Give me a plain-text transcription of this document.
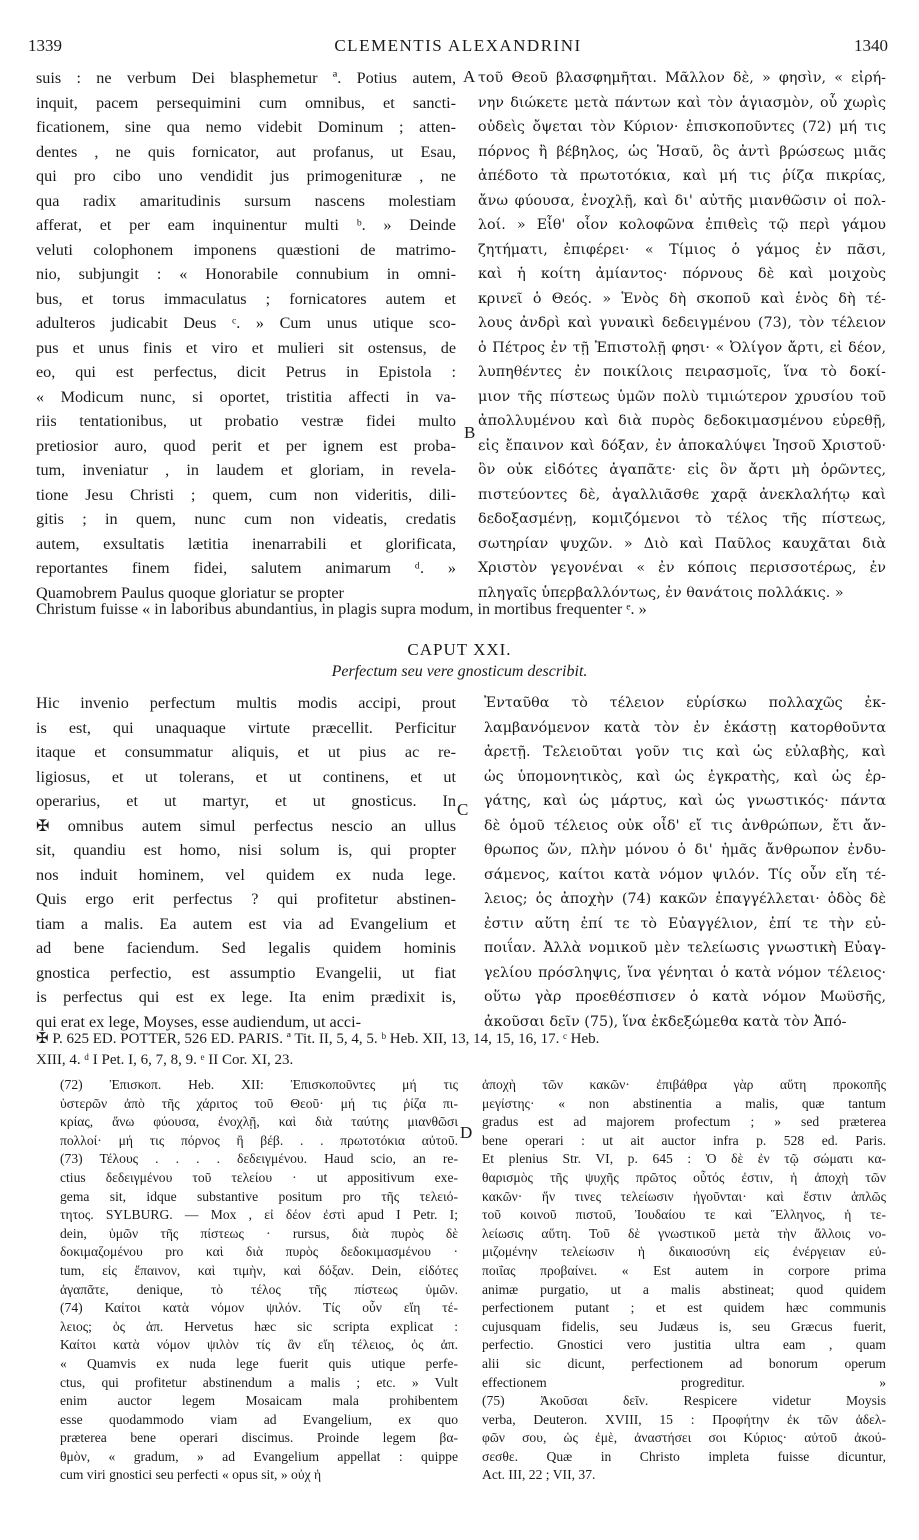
1339	CLEMENTIS ALEXANDRINI	1340
A
B
C
D
suis : ne verbum Dei blasphemetur ª. Potius autem,
inquit, pacem persequimini cum omnibus, et sancti-
ficationem, sine qua nemo videbit Dominum ; atten-
dentes , ne quis fornicator, aut profanus, ut Esau,
qui pro cibo uno vendidit jus primogenituræ , ne
qua radix amaritudinis sursum nascens molestiam
afferat, et per eam inquinentur multi ᵇ. » Deinde
veluti colophonem imponens quæstioni de matrimo-
nio, subjungit : « Honorabile connubium in omni-
bus, et torus immaculatus ; fornicatores autem et
adulteros judicabit Deus ᶜ. » Cum unus utique sco-
pus et unus finis et viro et mulieri sit ostensus, de
eo, qui est perfectus, dicit Petrus in Epistola :
« Modicum nunc, si oportet, tristitia affecti in va-
riis tentationibus, ut probatio vestræ fidei multo
pretiosior auro, quod perit et per ignem est proba-
tum, inveniatur , in laudem et gloriam, in revela-
tione Jesu Christi ; quem, cum non videritis, dili-
gitis ; in quem, nunc cum non videatis, credatis
autem, exsultatis lætitia inenarrabili et glorificata,
reportantes finem fidei, salutem animarum ᵈ. »
Quamobrem Paulus quoque gloriatur se propter
τοῦ Θεοῦ βλασφημῆται. Μᾶλλον δὲ, » φησὶν, « εἰρή-
νην διώκετε μετὰ πάντων καὶ τὸν ἁγιασμὸν, οὗ χωρὶς
οὐδεὶς ὄψεται τὸν Κύριον· ἐπισκοποῦντες (72) μή τις
πόρνος ἢ βέβηλος, ὡς Ἡσαῦ, ὃς ἀντὶ βρώσεως μιᾶς
ἀπέδοτο τὰ πρωτοτόκια, καὶ μή τις ῥίζα πικρίας,
ἄνω φύουσα, ἐνοχλῇ, καὶ δι' αὐτῆς μιανθῶσιν οἱ πολ-
λοί. » Εἶθ' οἷον κολοφῶνα ἐπιθεὶς τῷ περὶ γάμου
ζητήματι, ἐπιφέρει· « Τίμιος ὁ γάμος ἐν πᾶσι,
καὶ ἡ κοίτη ἀμίαντος· πόρνους δὲ καὶ μοιχοὺς
κρινεῖ ὁ Θεός. » Ἑνὸς δὴ σκοποῦ καὶ ἑνὸς δὴ τέ-
λους ἀνδρὶ καὶ γυναικὶ δεδειγμένου (73), τὸν τέλειον
ὁ Πέτρος ἐν τῇ Ἐπιστολῇ φησι· « Ὀλίγον ἄρτι, εἰ δέον,
λυπηθέντες ἐν ποικίλοις πειρασμοῖς, ἵνα τὸ δοκί-
μιον τῆς πίστεως ὑμῶν πολὺ τιμιώτερον χρυσίου τοῦ
ἀπολλυμένου καὶ διὰ πυρὸς δεδοκιμασμένου εὑρεθῇ,
εἰς ἔπαινον καὶ δόξαν, ἐν ἀποκαλύψει Ἰησοῦ Χριστοῦ·
ὃν οὐκ εἰδότες ἀγαπᾶτε· εἰς ὃν ἄρτι μὴ ὁρῶντες,
πιστεύοντες δὲ, ἀγαλλιᾶσθε χαρᾷ ἀνεκλαλήτῳ καὶ
δεδοξασμένῃ, κομιζόμενοι τὸ τέλος τῆς πίστεως,
σωτηρίαν ψυχῶν. » Διὸ καὶ Παῦλος καυχᾶται διὰ
Χριστὸν γεγονέναι « ἐν κόποις περισσοτέρως, ἐν
πληγαῖς ὑπερβαλλόντως, ἐν θανάτοις πολλάκις. »
Christum fuisse « in laboribus abundantius, in plagis supra modum, in mortibus frequenter ᵉ. »
CAPUT XXI.
Perfectum seu vere gnosticum describit.
Hic invenio perfectum multis modis accipi, prout
is est, qui unaquaque virtute præcellit. Perficitur
itaque et consummatur aliquis, et ut pius ac re-
ligiosus, et ut tolerans, et ut continens, et ut
operarius, et ut martyr, et ut gnosticus. In
✠ omnibus autem simul perfectus nescio an ullus
sit, quandiu est homo, nisi solum is, qui propter
nos induit hominem, vel quidem ex nuda lege.
Quis ergo erit perfectus ? qui profitetur abstinen-
tiam a malis. Ea autem est via ad Evangelium et
ad bene faciendum. Sed legalis quidem hominis
gnostica perfectio, est assumptio Evangelii, ut fiat
is perfectus qui est ex lege. Ita enim prædixit is,
qui erat ex lege, Moyses, esse audiendum, ut acci-
Ἐνταῦθα τὸ τέλειον εὑρίσκω πολλαχῶς ἐκ-
λαμβανόμενον κατὰ τὸν ἐν ἑκάστῃ κατορθοῦντα
ἀρετῇ. Τελειοῦται γοῦν τις καὶ ὡς εὐλαβὴς, καὶ
ὡς ὑπομονητικὸς, καὶ ὡς ἐγκρατὴς, καὶ ὡς ἐρ-
γάτης, καὶ ὡς μάρτυς, καὶ ὡς γνωστικός· πάντα
δὲ ὁμοῦ τέλειος οὐκ οἶδ' εἴ τις ἀνθρώπων, ἔτι ἄν-
θρωπος ὤν, πλὴν μόνου ὁ δι' ἡμᾶς ἄνθρωπον ἐνδυ-
σάμενος, καίτοι κατὰ νόμον ψιλόν. Τίς οὖν εἴη τέ-
λειος; ὁς ἀποχὴν (74) κακῶν ἐπαγγέλλεται· ὁδὸς δὲ
ἐστιν αὕτη ἐπί τε τὸ Εὐαγγέλιον, ἐπί τε τὴν εὐ-
ποιΐαν. Ἀλλὰ νομικοῦ μὲν τελείωσις γνωστικὴ Εὐαγ-
γελίου πρόσληψις, ἵνα γένηται ὁ κατὰ νόμον τέλειος·
οὕτω γὰρ προεθέσπισεν ὁ κατὰ νόμον Μωϋσῆς,
ἀκοῦσαι δεῖν (75), ἵνα ἐκδεξώμεθα κατὰ τὸν Ἀπό-
✠ P. 625 ED. POTTER, 526 ED. PARIS. ª Tit. II, 5, 4, 5. ᵇ Heb. XII, 13, 14, 15, 16, 17. ᶜ Heb.
XIII, 4. ᵈ I Pet. I, 6, 7, 8, 9. ᵉ II Cor. XI, 23.
(72) Ἐπισκοπ. Heb. XII: Ἐπισκοποῦντες μή τις
ὑστερῶν ἀπὸ τῆς χάριτος τοῦ Θεοῦ· μή τις ῥίζα πι-
κρίας, ἄνω φύουσα, ἐνοχλῇ, καὶ διὰ ταύτης μιανθῶσι
πολλοί· μή τις πόρνος ἢ βέβ. . . πρωτοτόκια αὐτοῦ.
(73) Τέλους . . . . δεδειγμένου. Haud scio, an re-
ctius δεδειγμένου τοῦ τελείου · ut appositivum exe-
gema sit, idque substantive positum pro τῆς τελειό-
τητος. SYLBURG. — Mox , εἰ δέον ἐστὶ apud I Petr. I;
dein, ὑμῶν τῆς πίστεως · rursus, διὰ πυρὸς δὲ
δοκιμαζομένου pro καὶ διὰ πυρὸς δεδοκιμασμένου ·
tum, εἰς ἔπαινον, καὶ τιμὴν, καὶ δόξαν. Dein, εἰδότες
ἀγαπᾶτε, denique, τὸ τέλος τῆς πίστεως ὑμῶν.
(74) Καίτοι κατὰ νόμον ψιλόν. Τίς οὖν εἴη τέ-
λειος; ὁς ἀπ. Hervetus hæc sic scripta explicat :
Καίτοι κατὰ νόμον ψιλὸν τίς ἂν εἴη τέλειος, ὁς ἀπ.
« Quamvis ex nuda lege fuerit quis utique perfe-
ctus, qui profitetur abstinendum a malis ; etc. » Vult
enim auctor legem Mosaicam mala prohibentem
esse quodammodo viam ad Evangelium, ex quo
præterea bene operari discimus. Proinde legem βα-
θμὸν, « gradum, » ad Evangelium appellat : quippe
cum viri gnostici seu perfecti « opus sit, » οὐχ ἡ
ἀποχὴ τῶν κακῶν· ἐπιβάθρα γὰρ αὕτη προκοπῆς
μεγίστης· « non abstinentia a malis, quæ tantum
gradus est ad majorem profectum ; » sed præterea
bene operari : ut ait auctor infra p. 528 ed. Paris.
Et plenius Str. VI, p. 645 : Ὁ δὲ ἐν τῷ σώματι κα-
θαρισμὸς τῆς ψυχῆς πρῶτος οὗτός ἐστιν, ἡ ἀποχὴ τῶν
κακῶν· ἥν τινες τελείωσιν ἡγοῦνται· καὶ ἔστιν ἁπλῶς
τοῦ κοινοῦ πιστοῦ, Ἰουδαίου τε καὶ Ἕλληνος, ἡ τε-
λείωσις αὕτη. Τοῦ δὲ γνωστικοῦ μετὰ τὴν ἄλλοις νο-
μιζομένην τελείωσιν ἡ δικαιοσύνη εἰς ἐνέργειαν εὐ-
ποιΐας προβαίνει. « Est autem in corpore prima
animæ purgatio, ut a malis abstineat; quod quidem
perfectionem putant ; et est quidem hæc communis
cujusquam fidelis, seu Judæus is, seu Græcus fuerit,
perfectio. Gnostici vero justitia ultra eam , quam
alii sic dicunt, perfectionem ad bonorum operum
effectionem progreditur. »
(75) Ἀκοῦσαι δεῖν. Respicere videtur Moysis
verba, Deuteron. XVIII, 15 : Προφήτην ἐκ τῶν ἀδελ-
φῶν σου, ὡς ἐμὲ, ἀναστήσει σοι Κύριος· αὐτοῦ ἀκού-
σεσθε. Quæ in Christo impleta fuisse dicuntur,
Act. III, 22 ; VII, 37.
